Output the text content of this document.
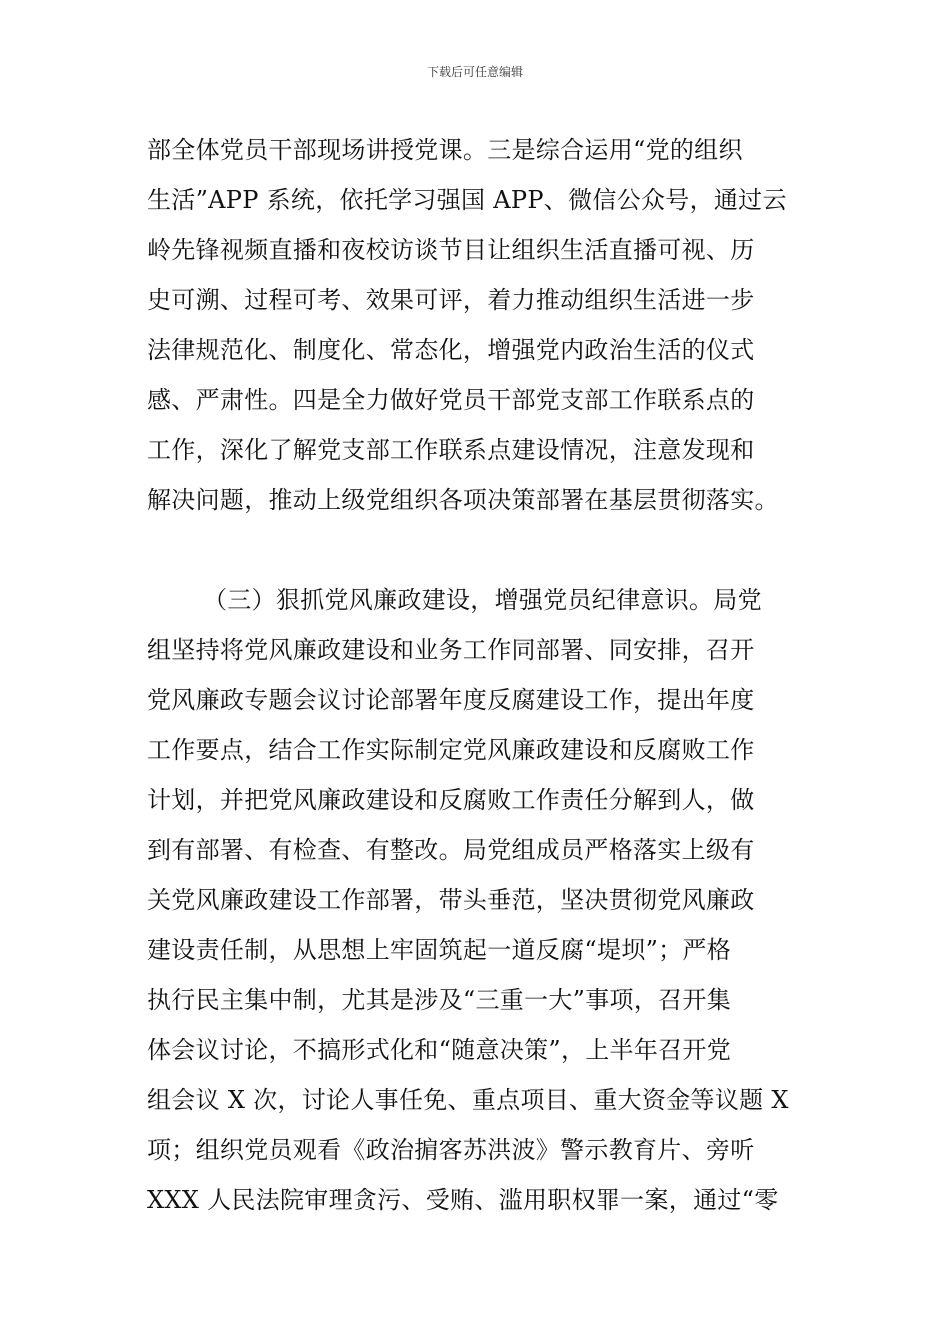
下载后可任意编辑
部全体党员干部现场讲授党课。三是综合运用“党的组织
生活”APP 系统，依托学习强国 APP、微信公众号，通过云
岭先锋视频直播和夜校访谈节目让组织生活直播可视、历
史可溯、过程可考、效果可评，着力推动组织生活进一步
法律规范化、制度化、常态化，增强党内政治生活的仪式
感、严肃性。四是全力做好党员干部党支部工作联系点的
工作，深化了解党支部工作联系点建设情况，注意发现和
解决问题，推动上级党组织各项决策部署在基层贯彻落实。
（三）狠抓党风廉政建设，增强党员纪律意识。局党
组坚持将党风廉政建设和业务工作同部署、同安排，召开
党风廉政专题会议讨论部署年度反腐建设工作，提出年度
工作要点，结合工作实际制定党风廉政建设和反腐败工作
计划，并把党风廉政建设和反腐败工作责任分解到人，做
到有部署、有检查、有整改。局党组成员严格落实上级有
关党风廉政建设工作部署，带头垂范，坚决贯彻党风廉政
建设责任制，从思想上牢固筑起一道反腐“堤坝”；严格
执行民主集中制，尤其是涉及“三重一大”事项，召开集
体会议讨论，不搞形式化和“随意决策”，上半年召开党
组会议 X 次，讨论人事任免、重点项目、重大资金等议题 X
项；组织党员观看《政治掮客苏洪波》警示教育片、旁听
XXX 人民法院审理贪污、受贿、滥用职权罪一案，通过“零
